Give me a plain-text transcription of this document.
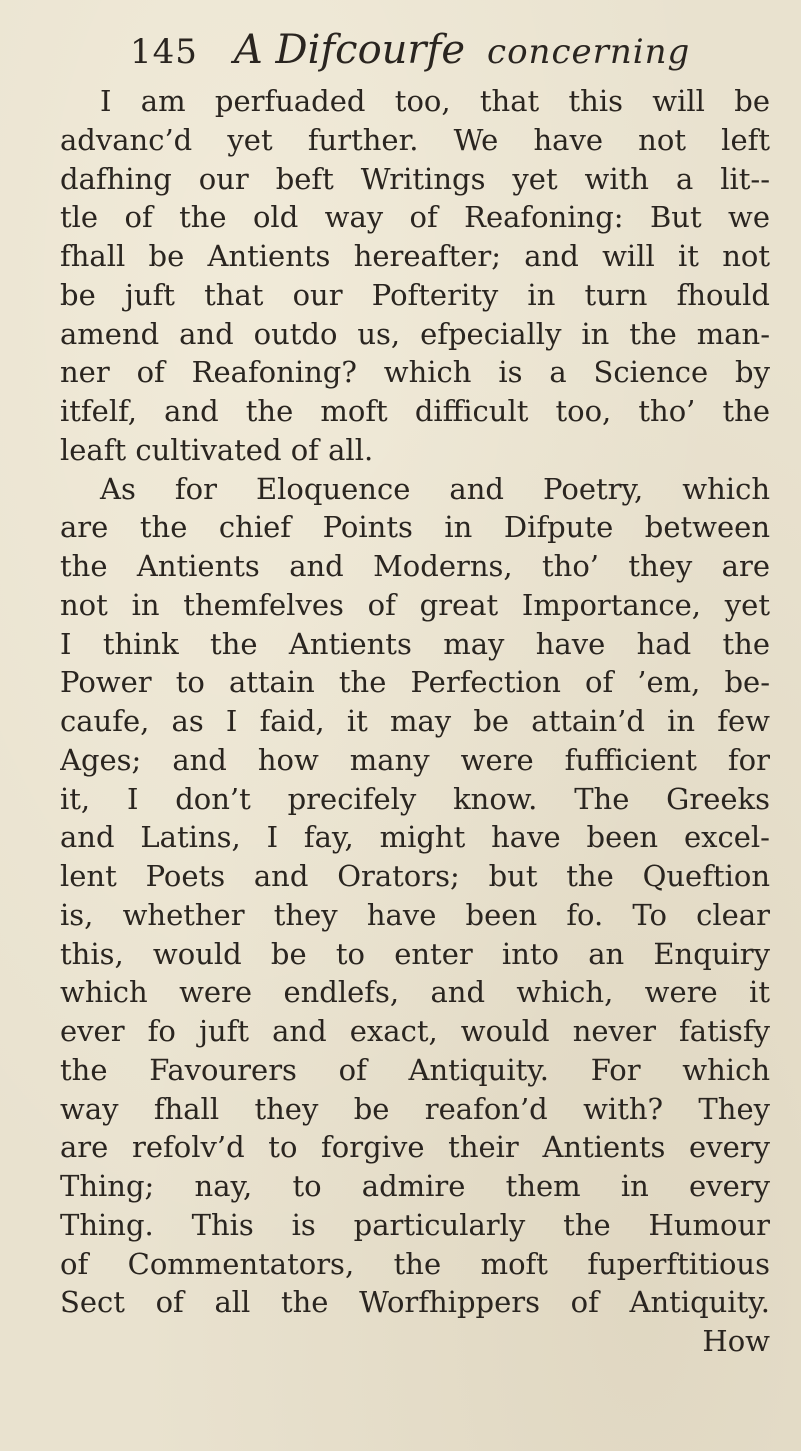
145 A Difcourfe concerning
I am perfuaded too, that this will be
advanc’d yet further. We have not left
dafhing our beft Writings yet with a lit--
tle of the old way of Reafoning: But we
fhall be Antients hereafter; and will it not
be juft that our Pofterity in turn fhould
amend and outdo us, efpecially in the man-
ner of Reafoning? which is a Science by
itfelf, and the moft difficult too, tho’ the
leaft cultivated of all.
As for Eloquence and Poetry, which
are the chief Points in Difpute between
the Antients and Moderns, tho’ they are
not in themfelves of great Importance, yet
I think the Antients may have had the
Power to attain the Perfection of ’em, be-
caufe, as I faid, it may be attain’d in few
Ages; and how many were fufficient for
it, I don’t precifely know. The Greeks
and Latins, I fay, might have been excel-
lent Poets and Orators; but the Queftion
is, whether they have been fo. To clear
this, would be to enter into an Enquiry
which were endlefs, and which, were it
ever fo juft and exact, would never fatisfy
the Favourers of Antiquity. For which
way fhall they be reafon’d with? They
are refolv’d to forgive their Antients every
Thing; nay, to admire them in every
Thing. This is particularly the Humour
of Commentators, the moft fuperftitious
Sect of all the Worfhippers of Antiquity.
How
